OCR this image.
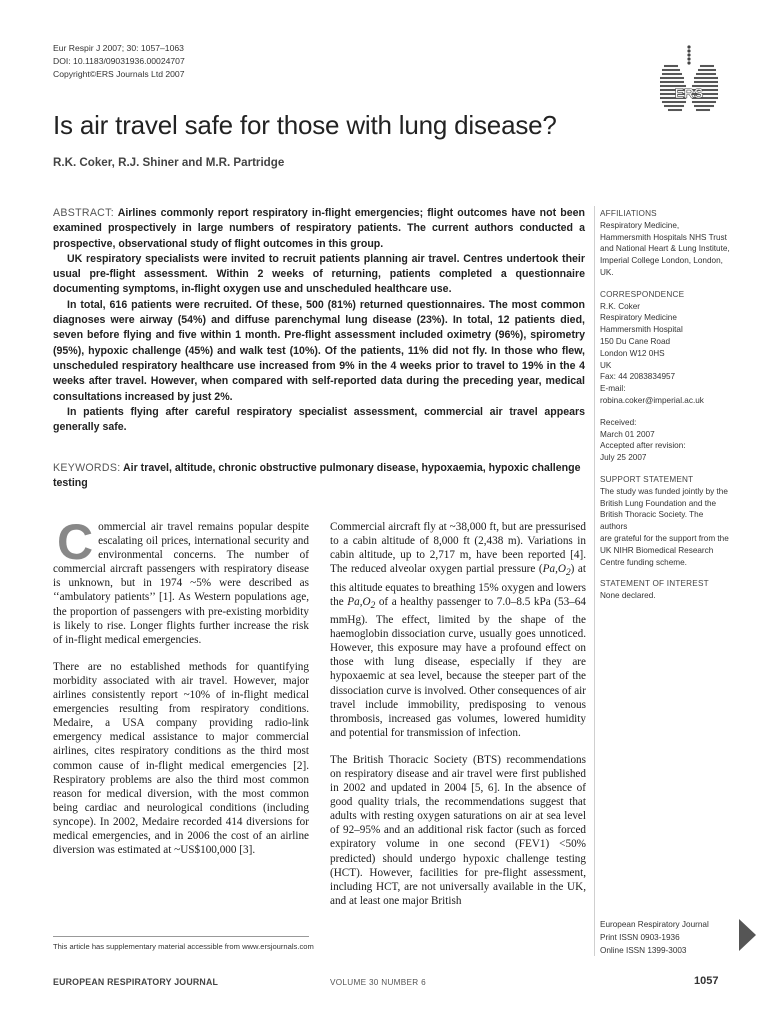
Eur Respir J 2007; 30: 1057–1063
DOI: 10.1183/09031936.00024707
Copyright©ERS Journals Ltd 2007
ERS
Is air travel safe for those with lung disease?
R.K. Coker, R.J. Shiner and M.R. Partridge

ABSTRACT: Airlines commonly report respiratory in-flight emergencies; flight outcomes have not been examined prospectively in large numbers of respiratory patients. The current authors conducted a prospective, observational study of flight outcomes in this group.

UK respiratory specialists were invited to recruit patients planning air travel. Centres undertook their usual pre-flight assessment. Within 2 weeks of returning, patients completed a questionnaire documenting symptoms, in-flight oxygen use and unscheduled healthcare use.

In total, 616 patients were recruited. Of these, 500 (81%) returned questionnaires. The most common diagnoses were airway (54%) and diffuse parenchymal lung disease (23%). In total, 12 patients died, seven before flying and five within 1 month. Pre-flight assessment included oximetry (96%), spirometry (95%), hypoxic challenge (45%) and walk test (10%). Of the patients, 11% did not fly. In those who flew, unscheduled respiratory healthcare use increased from 9% in the 4 weeks prior to travel to 19% in the 4 weeks after travel. However, when compared with self-reported data during the preceding year, medical consultations increased by just 2%.

In patients flying after careful respiratory specialist assessment, commercial air travel appears generally safe.

KEYWORDS: Air travel, altitude, chronic obstructive pulmonary disease, hypoxaemia, hypoxic challenge testing

Commercial air travel remains popular despite escalating oil prices, international security and environmental concerns. The number of commercial aircraft passengers with respiratory disease is unknown, but in 1974 ~5% were described as ‘‘ambulatory patients’’ [1]. As Western populations age, the proportion of passengers with pre-existing morbidity is likely to rise. Longer flights further increase the risk of in-flight medical emergencies.

There are no established methods for quantifying morbidity associated with air travel. However, major airlines consistently report ~10% of in-flight medical emergencies resulting from respiratory conditions. Medaire, a USA company providing radio-link emergency medical assistance to major commercial airlines, cites respiratory conditions as the third most common cause of in-flight medical emergencies [2]. Respiratory problems are also the third most common reason for medical diversion, with the most common being cardiac and neurological conditions (including syncope). In 2002, Medaire recorded 414 diversions for medical emergencies, and in 2006 the cost of an airline diversion was estimated at ~US$100,000 [3].

Commercial aircraft fly at ~38,000 ft, but are pressurised to a cabin altitude of 8,000 ft (2,438 m). Variations in cabin altitude, up to 2,717 m, have been reported [4]. The reduced alveolar oxygen partial pressure $(Pa,O_2)$ at this altitude equates to breathing 15% oxygen and lowers the $Pa,O_2$ of a healthy passenger to 7.0–8.5 kPa (53–64 mmHg). The effect, limited by the shape of the haemoglobin dissociation curve, usually goes unnoticed. However, this exposure may have a profound effect on those with lung disease, especially if they are hypoxaemic at sea level, because the steeper part of the dissociation curve is involved. Other consequences of air travel include immobility, predisposing to venous thrombosis, increased gas volumes, lowered humidity and potential for transmission of infection.

The British Thoracic Society (BTS) recommendations on respiratory disease and air travel were first published in 2002 and updated in 2004 [5, 6]. In the absence of good quality trials, the recommendations suggest that adults with resting oxygen saturations on air at sea level of 92–95% and an additional risk factor (such as forced expiratory volume in one second (FEV1) <50% predicted) should undergo hypoxic challenge testing (HCT). However, facilities for pre-flight assessment, including HCT, are not universally available in the UK, and at least one major British

This article has supplementary material accessible from www.ersjournals.com
AFFILIATIONS
Respiratory Medicine,
Hammersmith Hospitals NHS Trust
and National Heart & Lung Institute,
Imperial College London, London,
UK.
CORRESPONDENCE
R.K. Coker
Respiratory Medicine
Hammersmith Hospital
150 Du Cane Road
London W12 0HS
UK
Fax: 44 2083834957
E-mail: robina.coker@imperial.ac.uk
Received:
March 01 2007
Accepted after revision:
July 25 2007
SUPPORT STATEMENT
The study was funded jointly by the
British Lung Foundation and the
British Thoracic Society. The authors
are grateful for the support from the
UK NIHR Biomedical Research
Centre funding scheme.
STATEMENT OF INTEREST
None declared.
European Respiratory Journal
Print ISSN 0903-1936
Online ISSN 1399-3003
EUROPEAN RESPIRATORY JOURNAL	VOLUME 30 NUMBER 6	1057
